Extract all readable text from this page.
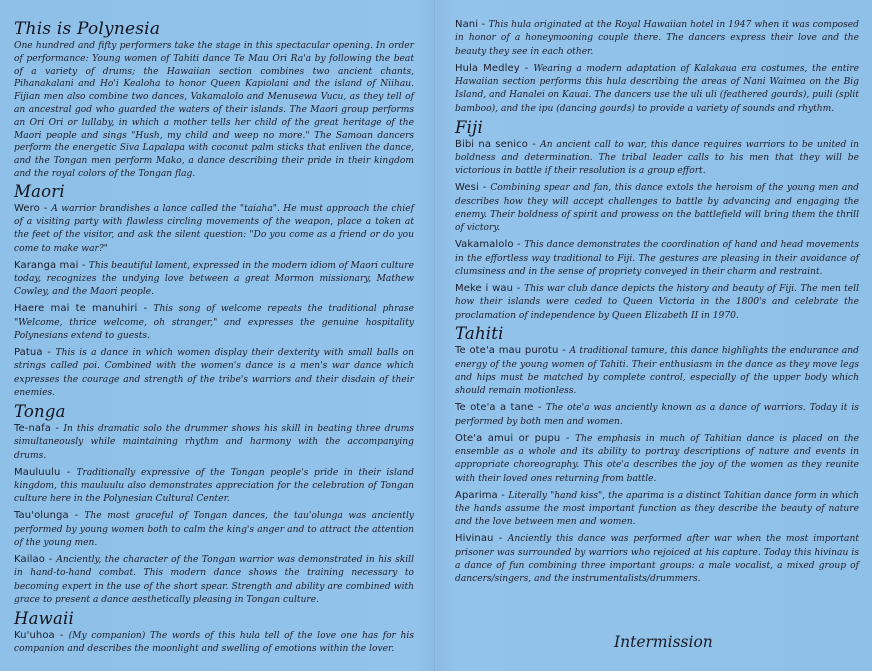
This is Polynesia

One hundred and fifty performers take the stage in this spectacular opening. In order of performance: Young women of Tahiti dance Te Mau Ori Ra'a by following the beat of a variety of drums; the Hawaiian section combines two ancient chants, Pihanakalani and Ho'i Kealoha to honor Queen Kapiolani and the island of Niihau. Fijian men also combine two dances, Vakamalolo and Menusewa Vucu, as they tell of an ancestral god who guarded the waters of their islands. The Maori group performs an Ori Ori or lullaby, in which a mother tells her child of the great heritage of the Maori people and sings "Hush, my child and weep no more." The Samoan dancers perform the energetic Siva Lapalapa with coconut palm sticks that enliven the dance, and the Tongan men perform Mako, a dance describing their pride in their kingdom and the royal colors of the Tongan flag.

Maori

Wero - A warrior brandishes a lance called the "taiaha". He must approach the chief of a visiting party with flawless circling movements of the weapon, place a token at the feet of the visitor, and ask the silent question: "Do you come as a friend or do you come to make war?"

Karanga mai - This beautiful lament, expressed in the modern idiom of Maori culture today, recognizes the undying love between a great Mormon missionary, Mathew Cowley, and the Maori people.

Haere mai te manuhiri - This song of welcome repeats the traditional phrase "Welcome, thrice welcome, oh stranger," and expresses the genuine hospitality Polynesians extend to guests.

Patua - This is a dance in which women display their dexterity with small balls on strings called poi. Combined with the women's dance is a men's war dance which expresses the courage and strength of the tribe's warriors and their disdain of their enemies.

Tonga

Te-nafa - In this dramatic solo the drummer shows his skill in beating three drums simultaneously while maintaining rhythm and harmony with the accompanying drums.

Mauluulu - Traditionally expressive of the Tongan people's pride in their island kingdom, this mauluulu also demonstrates appreciation for the celebration of Tongan culture here in the Polynesian Cultural Center.

Tau'olunga - The most graceful of Tongan dances, the tau'olunga was anciently performed by young women both to calm the king's anger and to attract the attention of the young men.

Kailao - Anciently, the character of the Tongan warrior was demonstrated in his skill in hand-to-hand combat. This modern dance shows the training necessary to becoming expert in the use of the short spear. Strength and ability are combined with grace to present a dance aesthetically pleasing in Tongan culture.

Hawaii

Ku'uhoa - (My companion) The words of this hula tell of the love one has for his companion and describes the moonlight and swelling of emotions within the lover.

Nani - This hula originated at the Royal Hawaiian hotel in 1947 when it was composed in honor of a honeymooning couple there. The dancers express their love and the beauty they see in each other.

Hula Medley - Wearing a modern adaptation of Kalakaua era costumes, the entire Hawaiian section performs this hula describing the areas of Nani Waimea on the Big Island, and Hanalei on Kauai. The dancers use the uli uli (feathered gourds), puili (split bamboo), and the ipu (dancing gourds) to provide a variety of sounds and rhythm.

Fiji

Bibi na senico - An ancient call to war, this dance requires warriors to be united in boldness and determination. The tribal leader calls to his men that they will be victorious in battle if their resolution is a group effort.

Wesi - Combining spear and fan, this dance extols the heroism of the young men and describes how they will accept challenges to battle by advancing and engaging the enemy. Their boldness of spirit and prowess on the battlefield will bring them the thrill of victory.

Vakamalolo - This dance demonstrates the coordination of hand and head movements in the effortless way traditional to Fiji. The gestures are pleasing in their avoidance of clumsiness and in the sense of propriety conveyed in their charm and restraint.

Meke i wau - This war club dance depicts the history and beauty of Fiji. The men tell how their islands were ceded to Queen Victoria in the 1800's and celebrate the proclamation of independence by Queen Elizabeth II in 1970.

Tahiti

Te ote'a mau purotu - A traditional tamure, this dance highlights the endurance and energy of the young women of Tahiti. Their enthusiasm in the dance as they move legs and hips must be matched by complete control, especially of the upper body which should remain motionless.

Te ote'a a tane - The ote'a was anciently known as a dance of warriors. Today it is performed by both men and women.

Ote'a amui or pupu - The emphasis in much of Tahitian dance is placed on the ensemble as a whole and its ability to portray descriptions of nature and events in appropriate choreography. This ote'a describes the joy of the women as they reunite with their loved ones returning from battle.

Aparima - Literally "hand kiss", the aparima is a distinct Tahitian dance form in which the hands assume the most important function as they describe the beauty of nature and the love between men and women.

Hivinau - Anciently this dance was performed after war when the most important prisoner was surrounded by warriors who rejoiced at his capture. Today this hivinau is a dance of fun combining three important groups: a male vocalist, a mixed group of dancers/singers, and the instrumentalists/drummers.

Intermission
